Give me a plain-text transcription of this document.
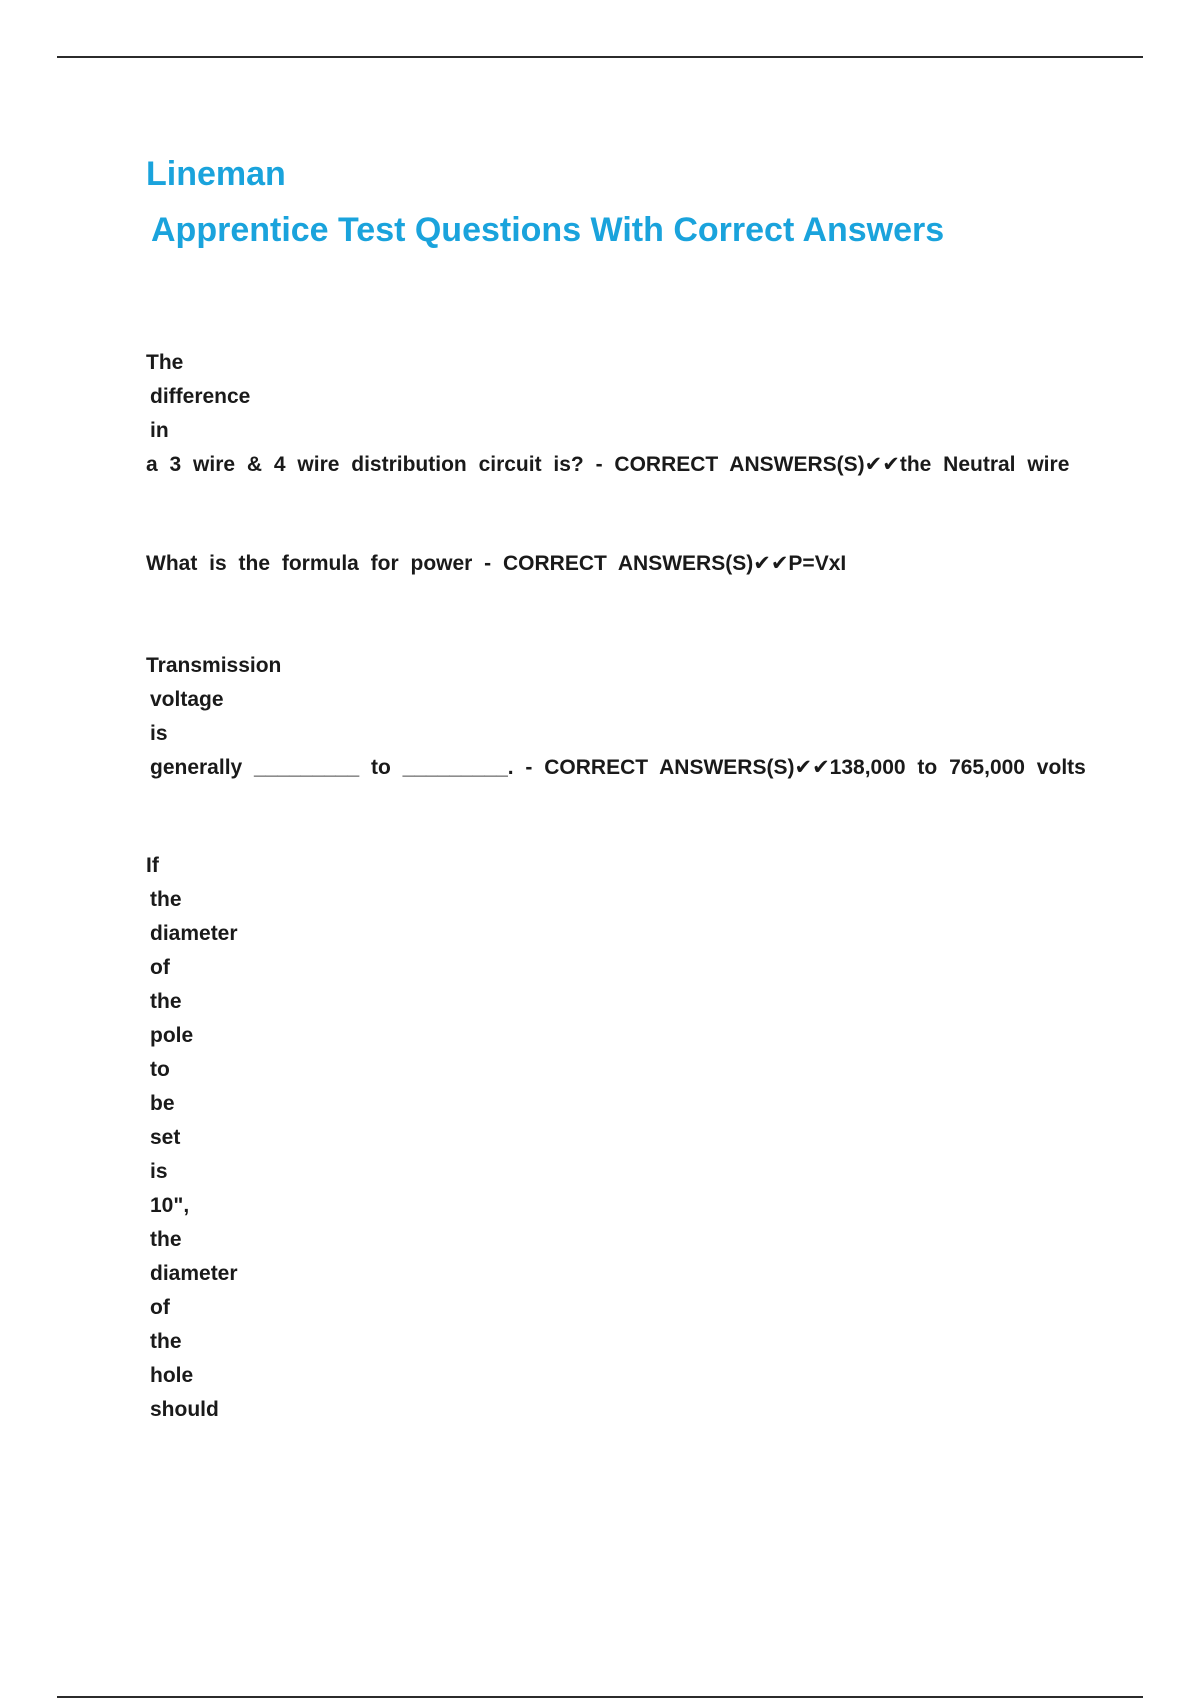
Lineman
Apprentice Test Questions With Correct Answers
The
difference
in
a 3 wire & 4 wire distribution circuit is? - CORRECT ANSWERS(S)✔✔the Neutral wire
What is the formula for power - CORRECT ANSWERS(S)✔✔P=VxI
Transmission
voltage
is
generally _________ to _________. - CORRECT ANSWERS(S)✔✔138,000 to 765,000 volts
If
the
diameter
of
the
pole
to
be
set
is
10",
the
diameter
of
the
hole
should
